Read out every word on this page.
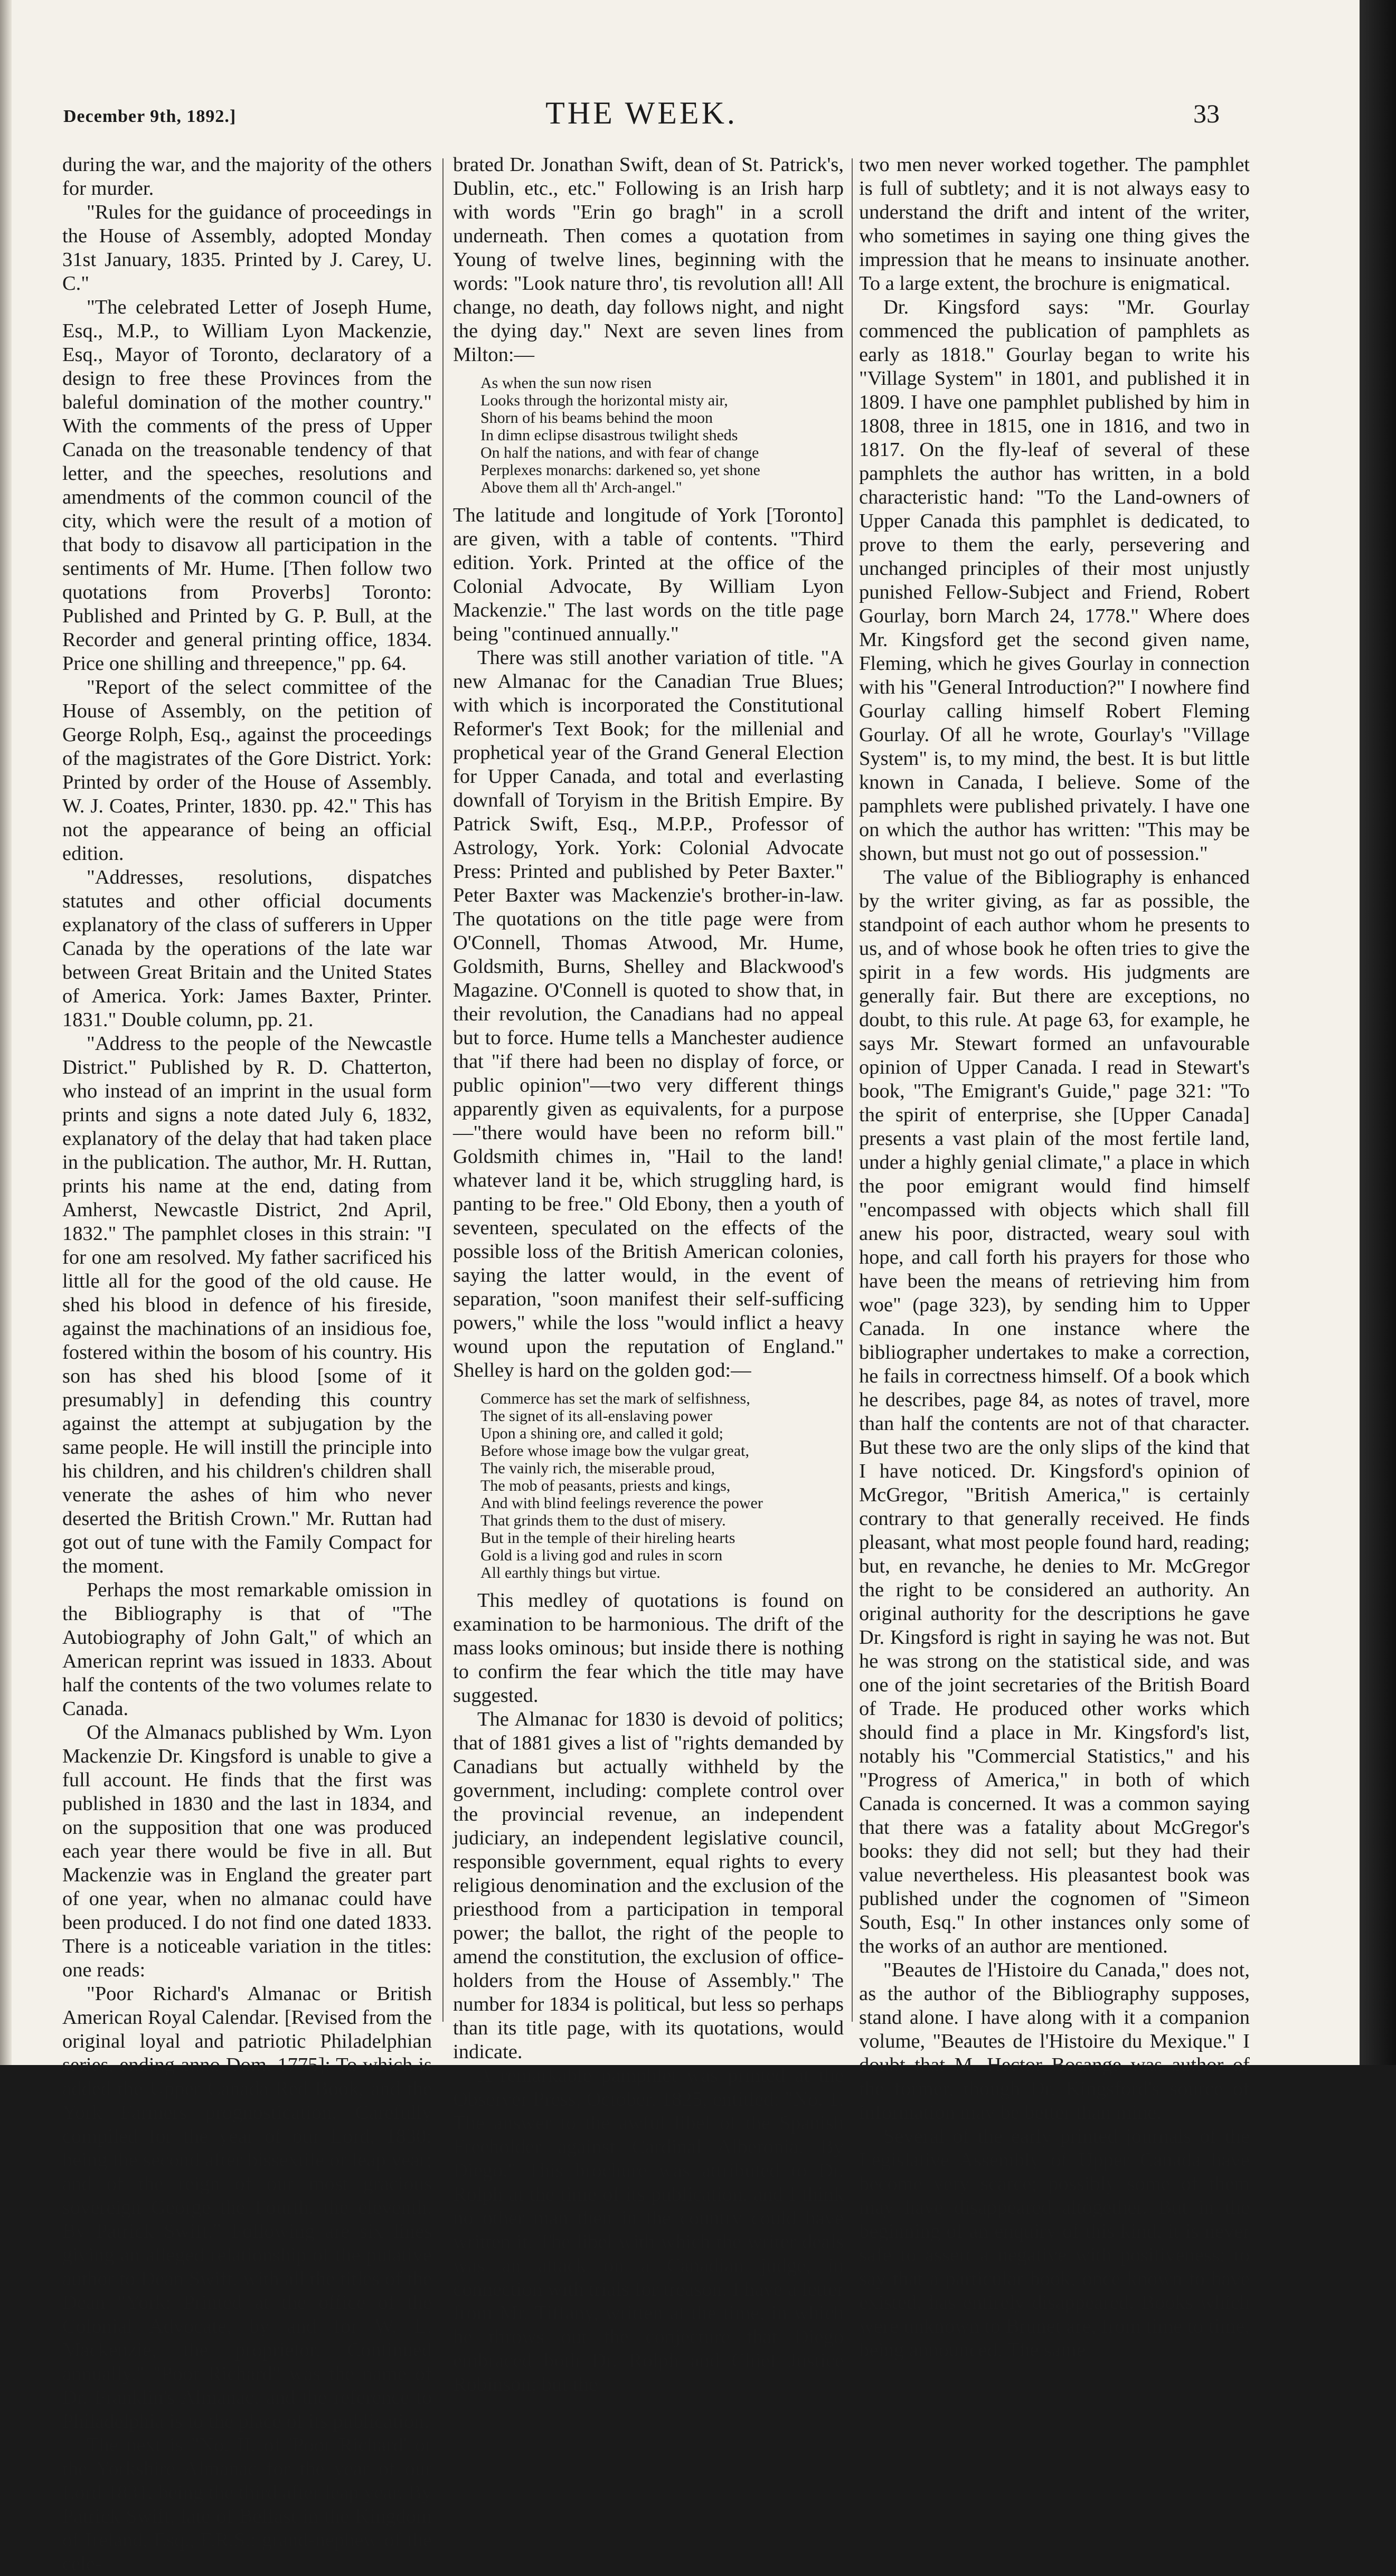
December 9th, 1892.]	THE WEEK.	33

during the war, and the majority of the others for murder.

"Rules for the guidance of proceedings in the House of Assembly, adopted Monday 31st January, 1835. Printed by J. Carey, U. C."

"The celebrated Letter of Joseph Hume, Esq., M.P., to William Lyon Mackenzie, Esq., Mayor of Toronto, declaratory of a design to free these Provinces from the baleful domination of the mother country." With the comments of the press of Upper Canada on the treasonable tendency of that letter, and the speeches, resolutions and amendments of the common council of the city, which were the result of a motion of that body to disavow all participation in the sentiments of Mr. Hume. [Then follow two quotations from Proverbs] Toronto: Published and Printed by G. P. Bull, at the Recorder and general printing office, 1834. Price one shilling and threepence," pp. 64.

"Report of the select committee of the House of Assembly, on the petition of George Rolph, Esq., against the proceedings of the magistrates of the Gore District. York: Printed by order of the House of Assembly. W. J. Coates, Printer, 1830. pp. 42." This has not the appearance of being an official edition.

"Addresses, resolutions, dispatches statutes and other official documents explanatory of the class of sufferers in Upper Canada by the operations of the late war between Great Britain and the United States of America. York: James Baxter, Printer. 1831." Double column, pp. 21.

"Address to the people of the Newcastle District." Published by R. D. Chatterton, who instead of an imprint in the usual form prints and signs a note dated July 6, 1832, explanatory of the delay that had taken place in the publication. The author, Mr. H. Ruttan, prints his name at the end, dating from Amherst, Newcastle District, 2nd April, 1832." The pamphlet closes in this strain: "I for one am resolved. My father sacrificed his little all for the good of the old cause. He shed his blood in defence of his fireside, against the machinations of an insidious foe, fostered within the bosom of his country. His son has shed his blood [some of it presumably] in defending this country against the attempt at subjugation by the same people. He will instill the principle into his children, and his children's children shall venerate the ashes of him who never deserted the British Crown." Mr. Ruttan had got out of tune with the Family Compact for the moment.

Perhaps the most remarkable omission in the Bibliography is that of "The Autobiography of John Galt," of which an American reprint was issued in 1833. About half the contents of the two volumes relate to Canada.

Of the Almanacs published by Wm. Lyon Mackenzie Dr. Kingsford is unable to give a full account. He finds that the first was published in 1830 and the last in 1834, and on the supposition that one was produced each year there would be five in all. But Mackenzie was in England the greater part of one year, when no almanac could have been produced. I do not find one dated 1833. There is a noticeable variation in the titles: one reads:

"Poor Richard's Almanac or British American Royal Calendar. [Revised from the original loyal and patriotic Philadelphian series, ending anno Dom. 1775]: To which is added the Upper Canada Red Book, and the York Farmers prognostication. Carefully compiled for the year of our Lord, 1830: being the second after bissextile or leap year; and of the reign of our most gracious sovereign George the Fourth, the eleventh. By Patrick Swift." Following are six lines giving an alleged relationship of the putative author to Dean Swift, with all the titles of the Dean "York: Printed at the office of the Colonial Advocate, by and for W. L. Mackenzie, the proprietor. Continued annually." "Poor Richard" was the name of Dr. Franklin's Almanac, and the reference to Philadelphia is to the place of its publication.

The next is "No. II. of 'Poor Richard' or the Yorkshire Almanac for the year of our Lord 1831, being the third after leap year. By Patrick Swift, late of Belfast in the Kingdom of Ireland, Esq., F.R.S.; grand-nephew of the cele-

brated Dr. Jonathan Swift, dean of St. Patrick's, Dublin, etc., etc." Following is an Irish harp with words "Erin go bragh" in a scroll underneath. Then comes a quotation from Young of twelve lines, beginning with the words: "Look nature thro', tis revolution all! All change, no death, day follows night, and night the dying day." Next are seven lines from Milton:—

As when the sun now risen
Looks through the horizontal misty air,
Shorn of his beams behind the moon
In dimn eclipse disastrous twilight sheds
On half the nations, and with fear of change
Perplexes monarchs: darkened so, yet shone
Above them all th' Arch-angel."

The latitude and longitude of York [Toronto] are given, with a table of contents. "Third edition. York. Printed at the office of the Colonial Advocate, By William Lyon Mackenzie." The last words on the title page being "continued annually."

There was still another variation of title. "A new Almanac for the Canadian True Blues; with which is incorporated the Constitutional Reformer's Text Book; for the millenial and prophetical year of the Grand General Election for Upper Canada, and total and everlasting downfall of Toryism in the British Empire. By Patrick Swift, Esq., M.P.P., Professor of Astrology, York. York: Colonial Advocate Press: Printed and published by Peter Baxter." Peter Baxter was Mackenzie's brother-in-law. The quotations on the title page were from O'Connell, Thomas Atwood, Mr. Hume, Goldsmith, Burns, Shelley and Blackwood's Magazine. O'Connell is quoted to show that, in their revolution, the Canadians had no appeal but to force. Hume tells a Manchester audience that "if there had been no display of force, or public opinion"—two very different things apparently given as equivalents, for a purpose—"there would have been no reform bill." Goldsmith chimes in, "Hail to the land! whatever land it be, which struggling hard, is panting to be free." Old Ebony, then a youth of seventeen, speculated on the effects of the possible loss of the British American colonies, saying the latter would, in the event of separation, "soon manifest their self-sufficing powers," while the loss "would inflict a heavy wound upon the reputation of England." Shelley is hard on the golden god:—

Commerce has set the mark of selfishness,
The signet of its all-enslaving power
Upon a shining ore, and called it gold;
Before whose image bow the vulgar great,
The vainly rich, the miserable proud,
The mob of peasants, priests and kings,
And with blind feelings reverence the power
That grinds them to the dust of misery.
But in the temple of their hireling hearts
Gold is a living god and rules in scorn
All earthly things but virtue.

This medley of quotations is found on examination to be harmonious. The drift of the mass looks ominous; but inside there is nothing to confirm the fear which the title may have suggested.

The Almanac for 1830 is devoid of politics; that of 1881 gives a list of "rights demanded by Canadians but actually withheld by the government, including: complete control over the provincial revenue, an independent judiciary, an independent legislative council, responsible government, equal rights to every religious denomination and the exclusion of the priesthood from a participation in temporal power; the ballot, the right of the people to amend the constitution, the exclusion of office-holders from the House of Assembly." The number for 1834 is political, but less so perhaps than its title page, with its quotations, would indicate.

A remarkable pamphlet was printed at the Observer Press, October, 1825, entitled: "No. 1. The answer to the awful libel of the Spanish Freeholder against Cardinal Alberonia. By Diego." This brochure was attributed to Dr. Rolph at the time of its publication, and I think no other man then in the country could have written it. The libel with which the writer deals was an attack on a Canadian judge, in connection with trials for treason. I have a letter from Mr. Tiffany, written at the time, in which he throws out the conjecture that Diego embraced both Dr. Rolph and Chief Justice Robinson; but the

two men never worked together. The pamphlet is full of subtlety; and it is not always easy to understand the drift and intent of the writer, who sometimes in saying one thing gives the impression that he means to insinuate another. To a large extent, the brochure is enigmatical.

Dr. Kingsford says: "Mr. Gourlay commenced the publication of pamphlets as early as 1818." Gourlay began to write his "Village System" in 1801, and published it in 1809. I have one pamphlet published by him in 1808, three in 1815, one in 1816, and two in 1817. On the fly-leaf of several of these pamphlets the author has written, in a bold characteristic hand: "To the Land-owners of Upper Canada this pamphlet is dedicated, to prove to them the early, persevering and unchanged principles of their most unjustly punished Fellow-Subject and Friend, Robert Gourlay, born March 24, 1778." Where does Mr. Kingsford get the second given name, Fleming, which he gives Gourlay in connection with his "General Introduction?" I nowhere find Gourlay calling himself Robert Fleming Gourlay. Of all he wrote, Gourlay's "Village System" is, to my mind, the best. It is but little known in Canada, I believe. Some of the pamphlets were published privately. I have one on which the author has written: "This may be shown, but must not go out of possession."

The value of the Bibliography is enhanced by the writer giving, as far as possible, the standpoint of each author whom he presents to us, and of whose book he often tries to give the spirit in a few words. His judgments are generally fair. But there are exceptions, no doubt, to this rule. At page 63, for example, he says Mr. Stewart formed an unfavourable opinion of Upper Canada. I read in Stewart's book, "The Emigrant's Guide," page 321: "To the spirit of enterprise, she [Upper Canada] presents a vast plain of the most fertile land, under a highly genial climate," a place in which the poor emigrant would find himself "encompassed with objects which shall fill anew his poor, distracted, weary soul with hope, and call forth his prayers for those who have been the means of retrieving him from woe" (page 323), by sending him to Upper Canada. In one instance where the bibliographer undertakes to make a correction, he fails in correctness himself. Of a book which he describes, page 84, as notes of travel, more than half the contents are not of that character. But these two are the only slips of the kind that I have noticed. Dr. Kingsford's opinion of McGregor, "British America," is certainly contrary to that generally received. He finds pleasant, what most people found hard, reading; but, en revanche, he denies to Mr. McGregor the right to be considered an authority. An original authority for the descriptions he gave Dr. Kingsford is right in saying he was not. But he was strong on the statistical side, and was one of the joint secretaries of the British Board of Trade. He produced other works which should find a place in Mr. Kingsford's list, notably his "Commercial Statistics," and his "Progress of America," in both of which Canada is concerned. It was a common saying that there was a fatality about McGregor's books: they did not sell; but they had their value nevertheless. His pleasantest book was published under the cognomen of "Simeon South, Esq." In other instances only some of the works of an author are mentioned.

"Beautes de l'Histoire du Canada," does not, as the author of the Bibliography supposes, stand alone. I have along with it a companion volume, "Beautes de l'Histoire du Mexique." I doubt that M. Hector Bosange was author of the former, though Dr. Kingsford's source of information may be better than mine.

Several of the early printed journals of the Legislative Assembly of Upper Canada have become very scarce; possibly some of them may have disappeared altogether. But in the beginning of an enquiry of this kind, it is never safe to assert a negative with positiveness; to say that a particular book, once known to have existed, has entirely disappeared. Books which were unknown to Brunet are, from time to time, being announced. The same
